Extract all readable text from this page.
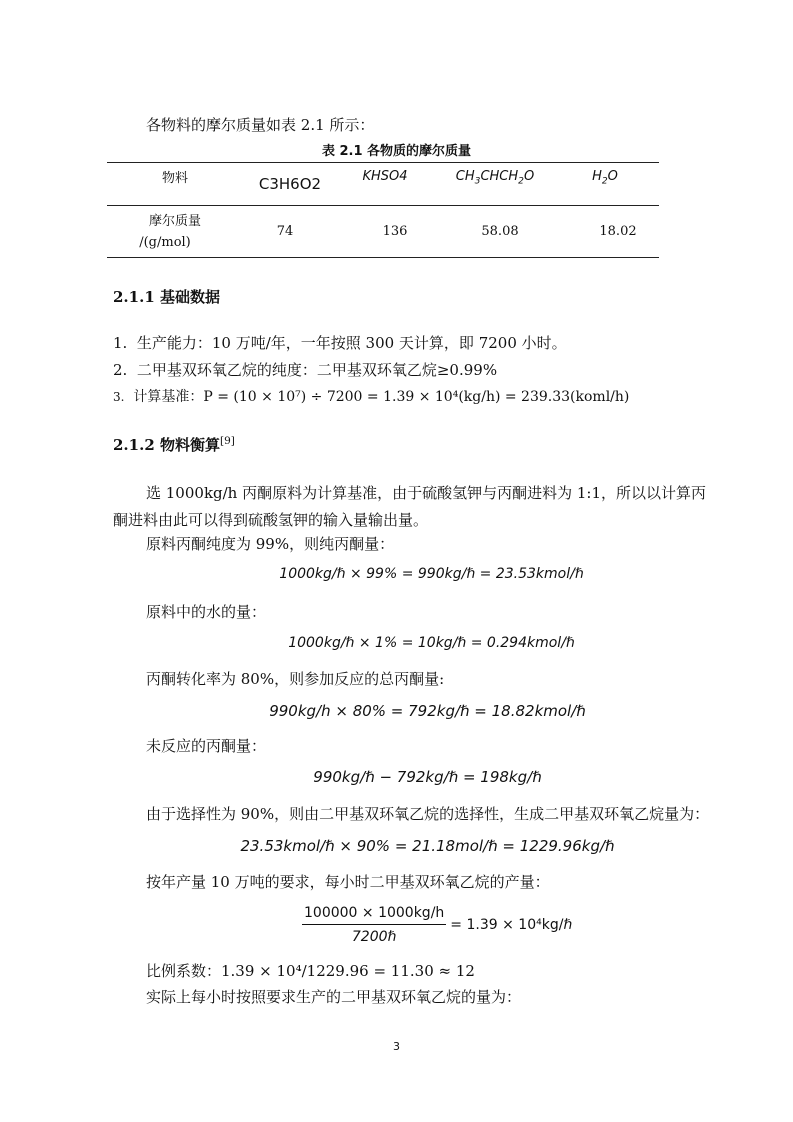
各物料的摩尔质量如表 2.1 所示：
表 2.1 各物质的摩尔质量
物料	C3H6O2	KHSO4	$CH_3CHCH_2O$	$H_2O$
摩尔质量
/(g/mol)
74	136	58.08	18.02
2.1.1 基础数据
1. 生产能力：10 万吨/年，一年按照 300 天计算，即 7200 小时。
2. 二甲基双环氧乙烷的纯度：二甲基双环氧乙烷≥0.99%
3. 计算基准：P = (10 × 10⁷) ÷ 7200 = 1.39 × 10⁴(kg/h) = 239.33(koml/h)
2.1.2 物料衡算[9]
选 1000kg/h 丙酮原料为计算基准，由于硫酸氢钾与丙酮进料为 1:1，所以以计算丙
酮进料由此可以得到硫酸氢钾的输入量输出量。
原料丙酮纯度为 99%，则纯丙酮量：
1000kg/ℏ × 99% = 990kg/ℏ = 23.53kmol/ℏ
原料中的水的量：
1000kg/ℏ × 1% = 10kg/ℏ = 0.294kmol/ℏ
丙酮转化率为 80%，则参加反应的总丙酮量:
990kg/h × 80% = 792kg/ℏ = 18.82kmol/ℏ
未反应的丙酮量：
990kg/ℏ − 792kg/ℏ = 198kg/ℏ
由于选择性为 90%，则由二甲基双环氧乙烷的选择性，生成二甲基双环氧乙烷量为：
23.53kmol/ℏ × 90% = 21.18mol/ℏ = 1229.96kg/ℏ
按年产量 10 万吨的要求，每小时二甲基双环氧乙烷的产量：
$\frac{100000 \times 1000kg/h}{\text{7200ℏ}} = 1.39$ × 10⁴kg/ℏ
比例系数：1.39 × 10⁴/1229.96 = 11.30 ≈ 12
实际上每小时按照要求生产的二甲基双环氧乙烷的量为：
3
